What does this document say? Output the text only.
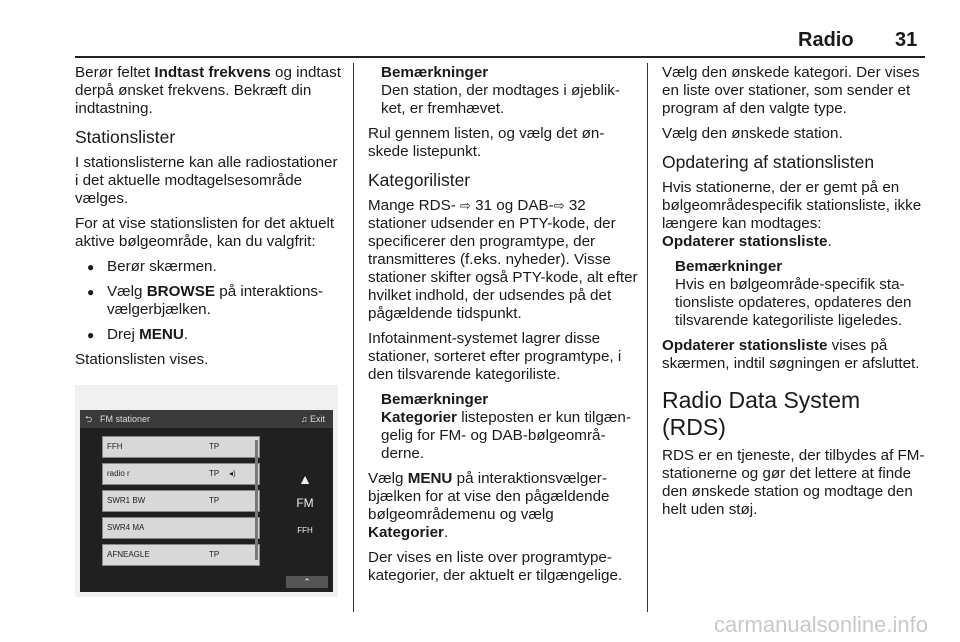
Radio 31

Berør feltet Indtast frekvens og indtast derpå ønsket frekvens. Bekræft din indtastning.

Stationslister

I stationslisterne kan alle radiostationer i det aktuelle modtagelsesområde vælges.

For at vise stationslisten for det aktuelt aktive bølgeområde, kan du valgfrit:

● Berør skærmen.
● Vælg BROWSE på interaktionsvælgerbjælken.
● Drej MENU.

Stationslisten vises.

⮌ FM stationer	♫ Exit
FFH	TP
radio r	TP ◂)
SWR1 BW	TP
SWR4 MA
AFNEAGLE	TP
▲
FM
FFH
⌃

Bemærkninger

Den station, der modtages i øjeblikket, er fremhævet.

Rul gennem listen, og vælg det ønskede listepunkt.

Kategorilister

Mange RDS- ⇨ 31 og DAB-⇨ 32 stationer udsender en PTY-kode, der specificerer den programtype, der transmitteres (f.eks. nyheder). Visse stationer skifter også PTY-kode, alt efter hvilket indhold, der udsendes på det pågældende tidspunkt.

Infotainment-systemet lagrer disse stationer, sorteret efter programtype, i den tilsvarende kategoriliste.

Bemærkninger

Kategorier listeposten er kun tilgængelig for FM- og DAB-bølgeområderne.

Vælg MENU på interaktionsvælgerbjælken for at vise den pågældende bølgeområdemenu og vælg Kategorier.

Der vises en liste over programtypekategorier, der aktuelt er tilgængelige.

Vælg den ønskede kategori. Der vises en liste over stationer, som sender et program af den valgte type.

Vælg den ønskede station.

Opdatering af stationslisten

Hvis stationerne, der er gemt på en bølgeområdespecifik stationsliste, ikke længere kan modtages:
Opdaterer stationsliste.

Bemærkninger

Hvis en bølgeområde-specifik stationsliste opdateres, opdateres den tilsvarende kategoriliste ligeledes.

Opdaterer stationsliste vises på skærmen, indtil søgningen er afsluttet.

Radio Data System (RDS)

RDS er en tjeneste, der tilbydes af FM-stationerne og gør det lettere at finde den ønskede station og modtage den helt uden støj.

carmanualsonline.info
